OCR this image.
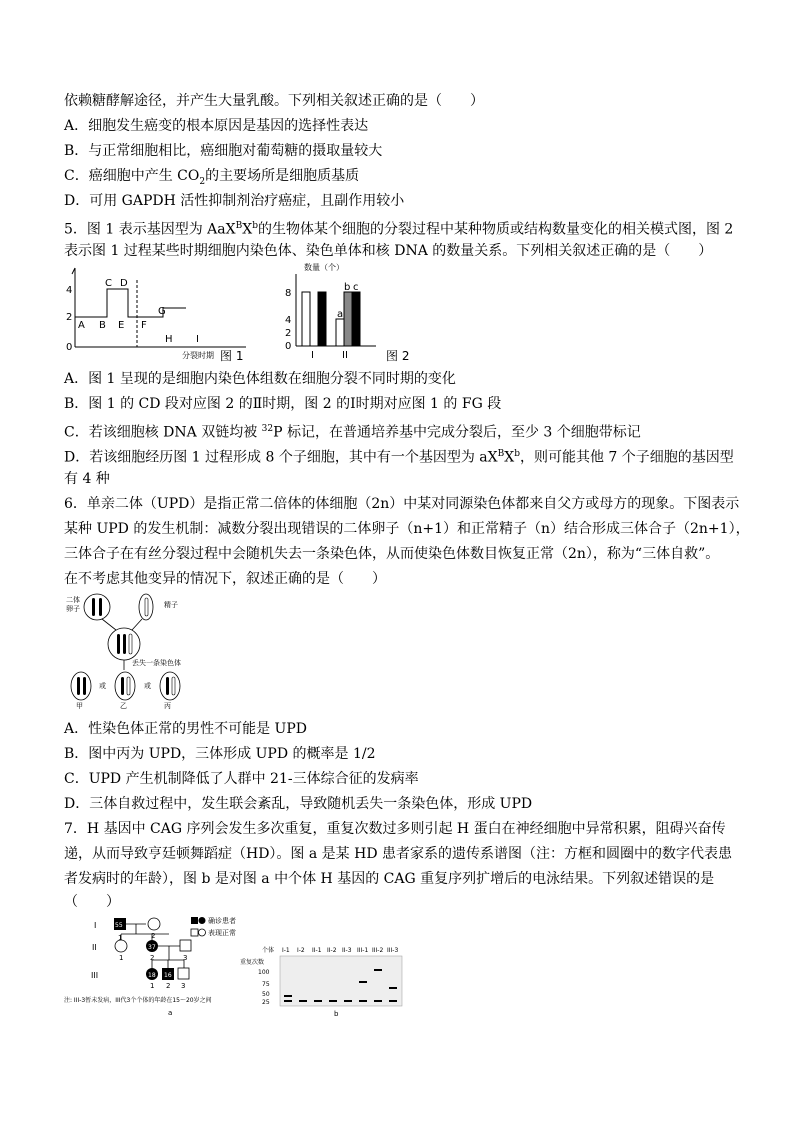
依赖糖酵解途径，并产生大量乳酸。下列相关叙述正确的是（　　）
A．细胞发生癌变的根本原因是基因的选择性表达
B．与正常细胞相比，癌细胞对葡萄糖的摄取量较大
C．癌细胞中产生 $CO_2$的主要场所是细胞质基质
D．可用 GAPDH 活性抑制剂治疗癌症，且副作用较小
5．图 1 表示基因型为 $AaX^BX^b$的生物体某个细胞的分裂过程中某种物质或结构数量变化的相关模式图，图 2
表示图 1 过程某些时期细胞内染色体、染色单体和核 DNA 的数量关系。下列相关叙述正确的是（　　）
4
2
0
A B
C D
E F
G
H I
分裂时期 图 1
数量（个）
8
4
2
0
a
b c
I	II	图 2
A．图 1 呈现的是细胞内染色体组数在细胞分裂不同时期的变化
B．图 1 的 CD 段对应图 2 的Ⅱ时期，图 2 的Ⅰ时期对应图 1 的 FG 段
C．若该细胞核 DNA 双链均被 $^{32}$P 标记，在普通培养基中完成分裂后，至少 3 个细胞带标记
D．若该细胞经历图 1 过程形成 8 个子细胞，其中有一个基因型为 $aX^BX^b$，则可能其他 7 个子细胞的基因型
有 4 种
6．单亲二体（UPD）是指正常二倍体的体细胞（2n）中某对同源染色体都来自父方或母方的现象。下图表示
某种 UPD 的发生机制：减数分裂出现错误的二体卵子（n+1）和正常精子（n）结合形成三体合子（2n+1），
三体合子在有丝分裂过程中会随机失去一条染色体，从而使染色体数目恢复正常（2n），称为“三体自救”。
在不考虑其他变异的情况下，叙述正确的是（　　）
二体
卵子	精子
丢失一条染色体
或	或
甲	乙	丙
A．性染色体正常的男性不可能是 UPD
B．图中丙为 UPD，三体形成 UPD 的概率是 1/2
C．UPD 产生机制降低了人群中 21-三体综合征的发病率
D．三体自救过程中，发生联会紊乱，导致随机丢失一条染色体，形成 UPD
7．H 基因中 CAG 序列会发生多次重复，重复次数过多则引起 H 蛋白在神经细胞中异常积累，阻碍兴奋传
递，从而导致亨廷顿舞蹈症（HD）。图 a 是某 HD 患者家系的遗传系谱图（注：方框和圆圈中的数字代表患
者发病时的年龄），图 b 是对图 a 中个体 H 基因的 CAG 重复序列扩增后的电泳结果。下列叙述错误的是
（　　）
I
II
III
55
37
18 16
1	2
1	2	3
1 2 3
确诊患者
表现正常
注: III-3暂未发病，III代3个个体的年龄在15～20岁之间
a
个体 I-1 I-2 II-1 II-2 II-3 III-1 III-2 III-3
重复次数
100
75
50
25
b
